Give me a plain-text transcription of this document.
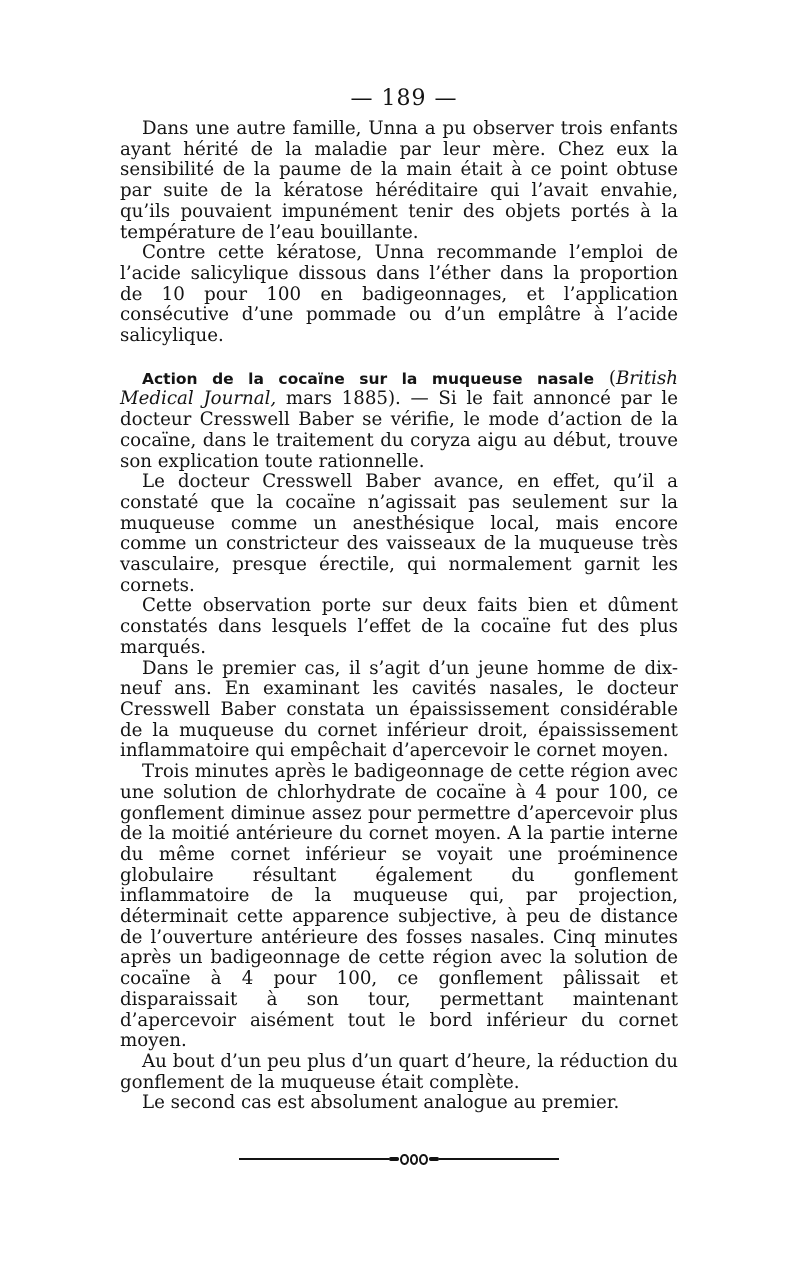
— 189 —

Dans une autre famille, Unna a pu observer trois enfants ayant hérité de la maladie par leur mère. Chez eux la sensibilité de la paume de la main était à ce point obtuse par suite de la kératose héréditaire qui l’avait envahie, qu’ils pouvaient impunément tenir des objets portés à la température de l’eau bouillante.

Contre cette kératose, Unna recommande l’emploi de l’acide salicylique dissous dans l’éther dans la proportion de 10 pour 100 en badigeonnages, et l’application consécutive d’une pommade ou d’un emplâtre à l’acide salicylique.

Action de la cocaïne sur la muqueuse nasale (British Medical Journal, mars 1885). — Si le fait annoncé par le docteur Cresswell Baber se vérifie, le mode d’action de la cocaïne, dans le traitement du coryza aigu au début, trouve son explication toute rationnelle.

Le docteur Cresswell Baber avance, en effet, qu’il a constaté que la cocaïne n’agissait pas seulement sur la muqueuse comme un anesthésique local, mais encore comme un constricteur des vaisseaux de la muqueuse très vasculaire, presque érectile, qui normalement garnit les cornets.

Cette observation porte sur deux faits bien et dûment constatés dans lesquels l’effet de la cocaïne fut des plus marqués.

Dans le premier cas, il s’agit d’un jeune homme de dix-neuf ans. En examinant les cavités nasales, le docteur Cresswell Baber constata un épaississement considérable de la muqueuse du cornet inférieur droit, épaississement inflammatoire qui empêchait d’apercevoir le cornet moyen.

Trois minutes après le badigeonnage de cette région avec une solution de chlorhydrate de cocaïne à 4 pour 100, ce gonflement diminue assez pour permettre d’apercevoir plus de la moitié antérieure du cornet moyen. A la partie interne du même cornet inférieur se voyait une proéminence globulaire résultant également du gonflement inflammatoire de la muqueuse qui, par projection, déterminait cette apparence subjective, à peu de distance de l’ouverture antérieure des fosses nasales. Cinq minutes après un badigeonnage de cette région avec la solution de cocaïne à 4 pour 100, ce gonflement pâlissait et disparaissait à son tour, permettant maintenant d’apercevoir aisément tout le bord inférieur du cornet moyen.

Au bout d’un peu plus d’un quart d’heure, la réduction du gonflement de la muqueuse était complète.

Le second cas est absolument analogue au premier.
